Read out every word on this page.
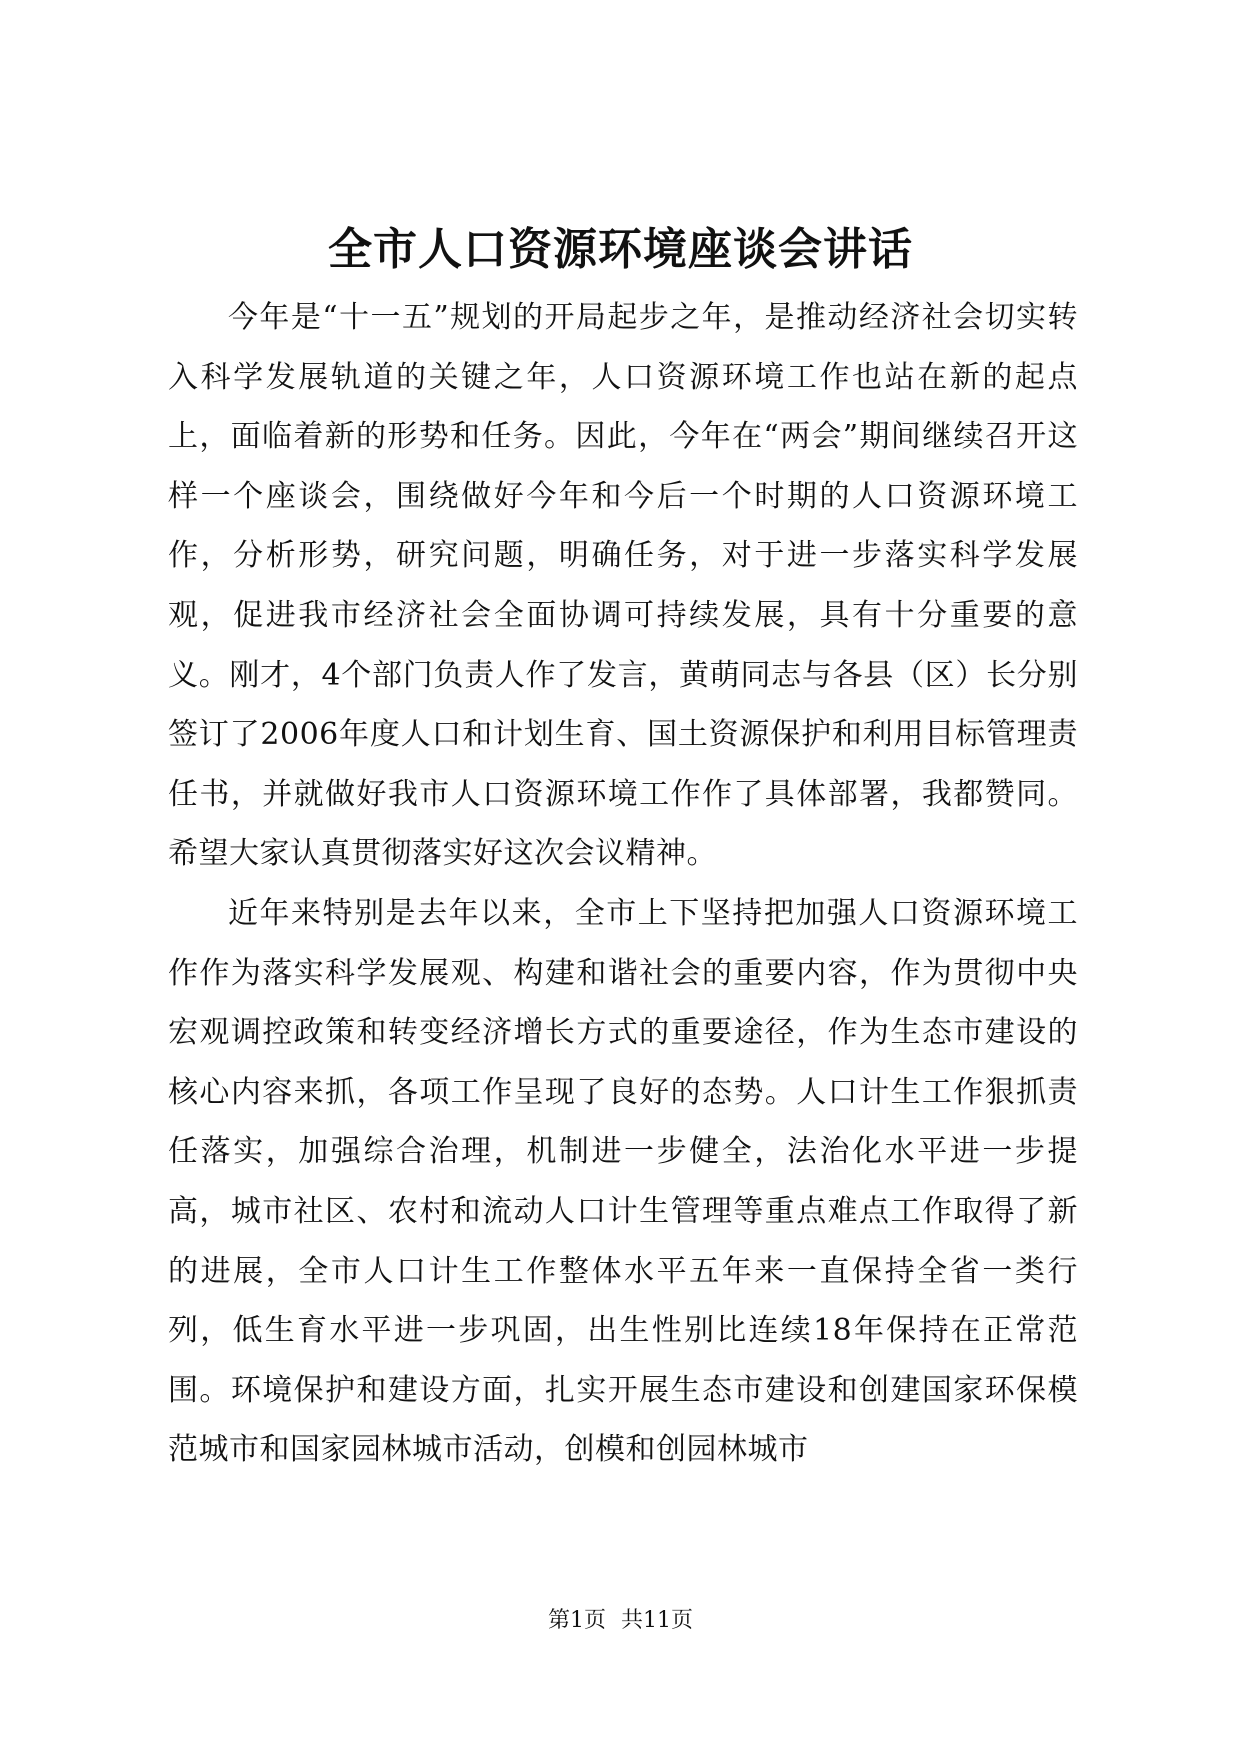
全市人口资源环境座谈会讲话

今年是“十一五”规划的开局起步之年，是推动经济社会切实转入科学发展轨道的关键之年，人口资源环境工作也站在新的起点上，面临着新的形势和任务。因此，今年在“两会”期间继续召开这样一个座谈会，围绕做好今年和今后一个时期的人口资源环境工作，分析形势，研究问题，明确任务，对于进一步落实科学发展观，促进我市经济社会全面协调可持续发展，具有十分重要的意义。刚才，4个部门负责人作了发言，黄萌同志与各县（区）长分别签订了2006年度人口和计划生育、国土资源保护和利用目标管理责任书，并就做好我市人口资源环境工作作了具体部署，我都赞同。希望大家认真贯彻落实好这次会议精神。

近年来特别是去年以来，全市上下坚持把加强人口资源环境工作作为落实科学发展观、构建和谐社会的重要内容，作为贯彻中央宏观调控政策和转变经济增长方式的重要途径，作为生态市建设的核心内容来抓，各项工作呈现了良好的态势。人口计生工作狠抓责任落实，加强综合治理，机制进一步健全，法治化水平进一步提高，城市社区、农村和流动人口计生管理等重点难点工作取得了新的进展，全市人口计生工作整体水平五年来一直保持全省一类行列，低生育水平进一步巩固，出生性别比连续18年保持在正常范围。环境保护和建设方面，扎实开展生态市建设和创建国家环保模范城市和国家园林城市活动，创模和创园林城市

第1页 共11页
